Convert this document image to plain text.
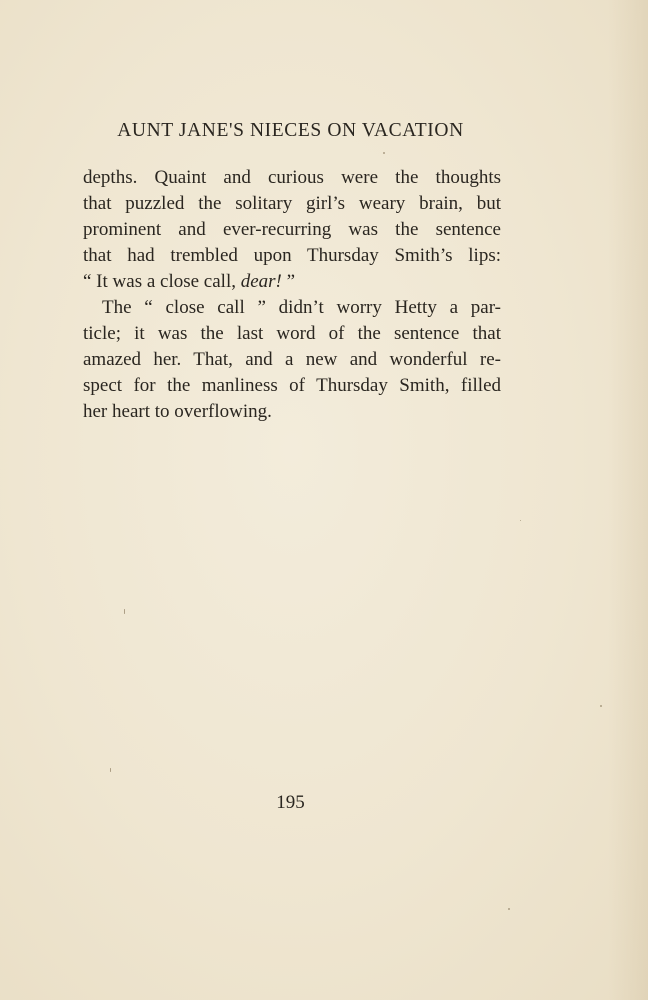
AUNT JANE'S NIECES ON VACATION
depths. Quaint and curious were the thoughts
that puzzled the solitary girl’s weary brain, but
prominent and ever-recurring was the sentence
that had trembled upon Thursday Smith’s lips:
“ It was a close call, dear! ”
The “ close call ” didn’t worry Hetty a par-
ticle; it was the last word of the sentence that
amazed her. That, and a new and wonderful re-
spect for the manliness of Thursday Smith, filled
her heart to overflowing.
195
